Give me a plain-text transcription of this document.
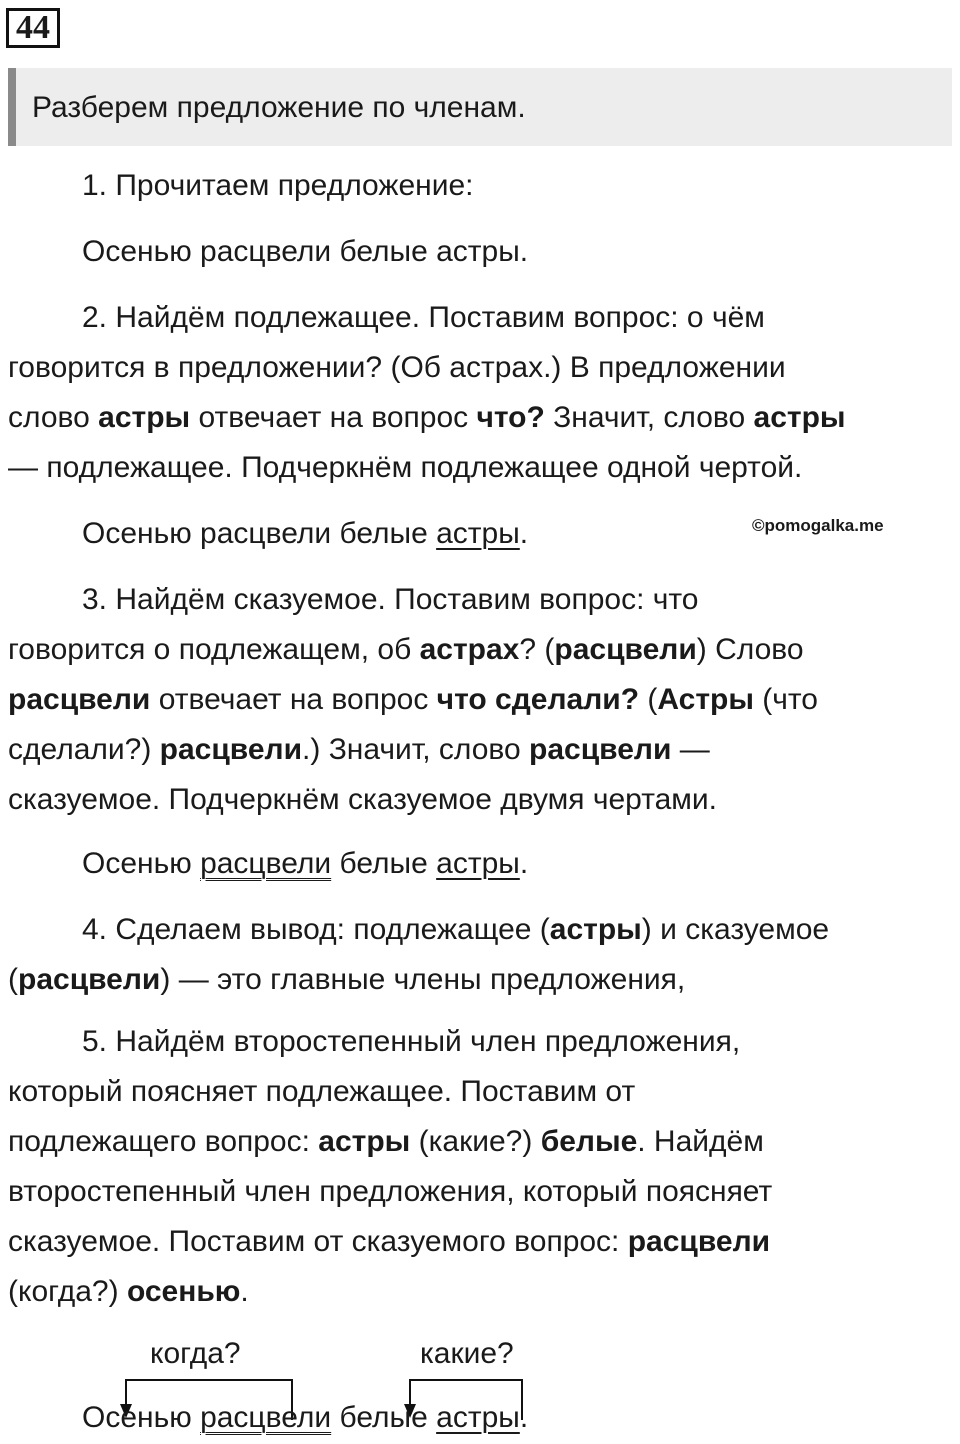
44
Разберем предложение по членам.
1. Прочитаем предложение:
Осенью расцвели белые астры.
2. Найдём подлежащее. Поставим вопрос: о чём
говорится в предложении? (Об астрах.) В предложении
слово астры отвечает на вопрос что? Значит, слово астры
— подлежащее. Подчеркнём подлежащее одной чертой.
Осенью расцвели белые астры.	©pomogalka.me
3. Найдём сказуемое. Поставим вопрос: что
говорится о подлежащем, об астрах? (расцвели) Слово
расцвели отвечает на вопрос что сделали? (Астры (что
сделали?) расцвели.) Значит, слово расцвели —
сказуемое. Подчеркнём сказуемое двумя чертами.
Осенью расцвели белые астры.
4. Сделаем вывод: подлежащее (астры) и сказуемое
(расцвели) — это главные члены предложения,
5. Найдём второстепенный член предложения,
который поясняет подлежащее. Поставим от
подлежащего вопрос: астры (какие?) белые. Найдём
второстепенный член предложения, который поясняет
сказуемое. Поставим от сказуемого вопрос: расцвели
(когда?) осенью.
когда?	какие?
Осенью расцвели белые астры.
